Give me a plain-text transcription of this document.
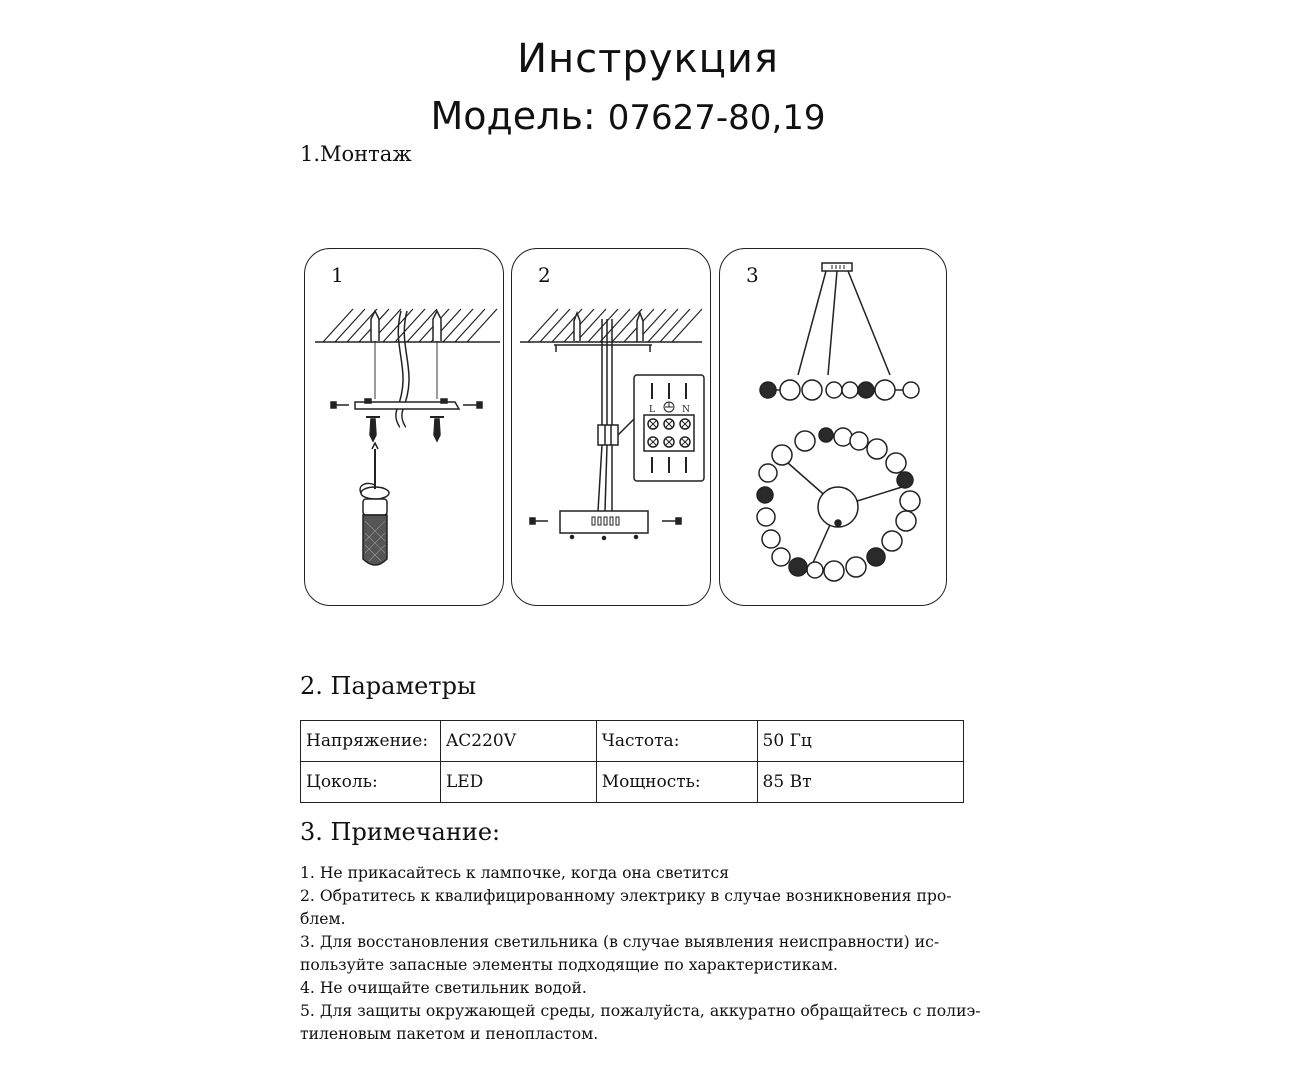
Инструкция
Модель: 07627-80,19
1.Монтаж
1	2
L	N
3
2. Параметры
Напряжение:	AC220V	Частота:	50 Гц
Цоколь:	LED	Мощность:	85 Вт
3. Примечание:
1. Не прикасайтесь к лампочке, когда она светится
2. Обратитесь к квалифицированному электрику в случае возникновения про-
блем.
3. Для восстановления светильника (в случае выявления неисправности) ис-
пользуйте запасные элементы подходящие по характеристикам.
4. Не очищайте светильник водой.
5. Для защиты окружающей среды, пожалуйста, аккуратно обращайтесь с полиэ-
тиленовым пакетом и пенопластом.
